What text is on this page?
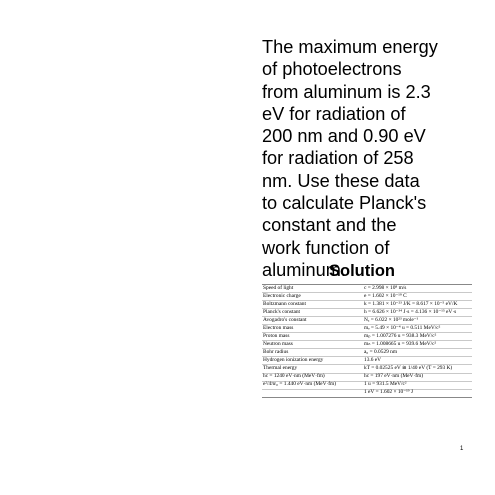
The maximum energy
of photoelectrons
from aluminum is 2.3
eV for radiation of
200 nm and 0.90 eV
for radiation of 258
nm. Use these data
to calculate Planck's
constant and the
work function of
aluminum.
Solution
Speed of light	c = 2.998 × 10⁸ m/s
Electronic charge	e = 1.602 × 10⁻¹⁹ C
Boltzmann constant	k = 1.381 × 10⁻²³ J/K = 8.617 × 10⁻⁵ eV/K
Planck's constant	h = 6.626 × 10⁻³⁴ J·s = 4.136 × 10⁻¹⁵ eV·s
Avogadro's constant	Nₐ = 6.022 × 10²³ mole⁻¹
Electron mass	mₑ = 5.49 × 10⁻⁴ u = 0.511 MeV/c²
Proton mass	mₚ = 1.007276 u = 938.3 MeV/c²
Neutron mass	mₙ = 1.008665 u = 939.6 MeV/c²
Bohr radius	a₀ = 0.0529 nm
Hydrogen ionization energy	13.6 eV
Thermal energy	kT = 0.02525 eV ≅ 1/40 eV (T = 293 K)
hc = 1240 eV·nm (MeV·fm)	hc = 197 eV·nm (MeV·fm)
e²/4πε₀ = 1.440 eV·nm (MeV·fm)	1 u = 931.5 MeV/c²
	1 eV = 1.602 × 10⁻¹⁹ J
1
